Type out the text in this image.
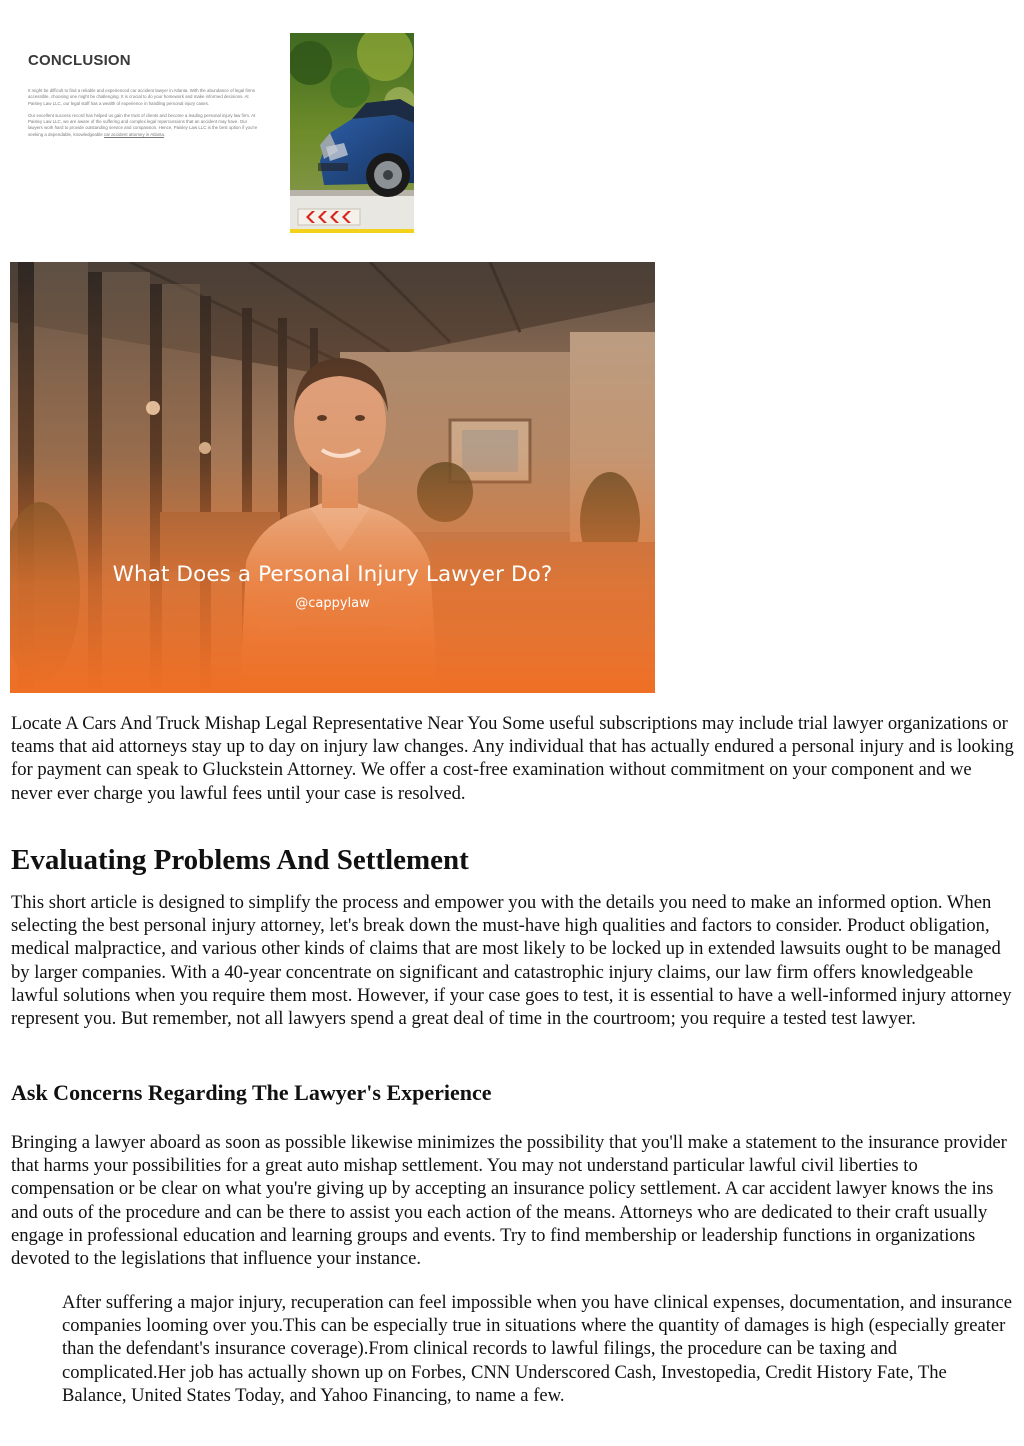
CONCLUSION

It might be difficult to find a reliable and experienced car accident lawyer in Atlanta. With the abundance of legal firms accessible, choosing one might be challenging. It is crucial to do your homework and make informed decisions. At Paisley Law LLC, our legal staff has a wealth of experience in handling personal injury cases.

Our excellent success record has helped us gain the trust of clients and become a leading personal injury law firm. At Paisley Law LLC, we are aware of the suffering and complex legal repercussions that an accident may have. Our lawyers work hard to provide outstanding service and compassion. Hence, Paisley Law LLC is the best option if you're seeking a dependable, knowledgeable car accident attorney in Atlanta.

What Does a Personal Injury Lawyer Do?
@cappylaw

Locate A Cars And Truck Mishap Legal Representative Near You Some useful subscriptions may include trial lawyer organizations or teams that aid attorneys stay up to day on injury law changes. Any individual that has actually endured a personal injury and is looking for payment can speak to Gluckstein Attorney. We offer a cost-free examination without commitment on your component and we never ever charge you lawful fees until your case is resolved.

Evaluating Problems And Settlement

This short article is designed to simplify the process and empower you with the details you need to make an informed option. When selecting the best personal injury attorney, let's break down the must-have high qualities and factors to consider. Product obligation, medical malpractice, and various other kinds of claims that are most likely to be locked up in extended lawsuits ought to be managed by larger companies. With a 40-year concentrate on significant and catastrophic injury claims, our law firm offers knowledgeable lawful solutions when you require them most. However, if your case goes to test, it is essential to have a well-informed injury attorney represent you. But remember, not all lawyers spend a great deal of time in the courtroom; you require a tested test lawyer.

Ask Concerns Regarding The Lawyer's Experience

Bringing a lawyer aboard as soon as possible likewise minimizes the possibility that you'll make a statement to the insurance provider that harms your possibilities for a great auto mishap settlement. You may not understand particular lawful civil liberties to compensation or be clear on what you're giving up by accepting an insurance policy settlement. A car accident lawyer knows the ins and outs of the procedure and can be there to assist you each action of the means. Attorneys who are dedicated to their craft usually engage in professional education and learning groups and events. Try to find membership or leadership functions in organizations devoted to the legislations that influence your instance.

After suffering a major injury, recuperation can feel impossible when you have clinical expenses, documentation, and insurance companies looming over you.This can be especially true in situations where the quantity of damages is high (especially greater than the defendant's insurance coverage).From clinical records to lawful filings, the procedure can be taxing and complicated.Her job has actually shown up on Forbes, CNN Underscored Cash, Investopedia, Credit History Fate, The Balance, United States Today, and Yahoo Financing, to name a few.
